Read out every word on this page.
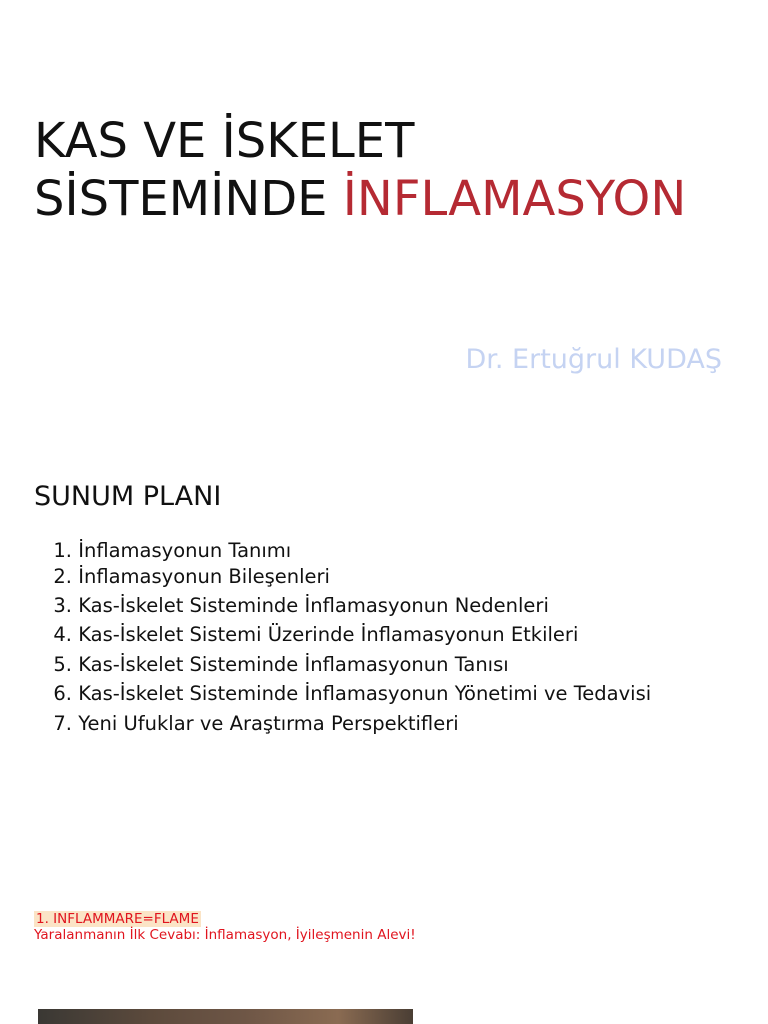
KAS VE İSKELET
SİSTEMİNDE İNFLAMASYON
Dr. Ertuğrul KUDAŞ
SUNUM PLANI
1. İnflamasyonun Tanımı
2. İnflamasyonun Bileşenleri
3. Kas-İskelet Sisteminde İnflamasyonun Nedenleri
4. Kas-İskelet Sistemi Üzerinde İnflamasyonun Etkileri
5. Kas-İskelet Sisteminde İnflamasyonun Tanısı
6. Kas-İskelet Sisteminde İnflamasyonun Yönetimi ve Tedavisi
7. Yeni Ufuklar ve Araştırma Perspektifleri
1. INFLAMMARE=FLAME
Yaralanmanın İlk Cevabı: İnflamasyon, İyileşmenin Alevi!
